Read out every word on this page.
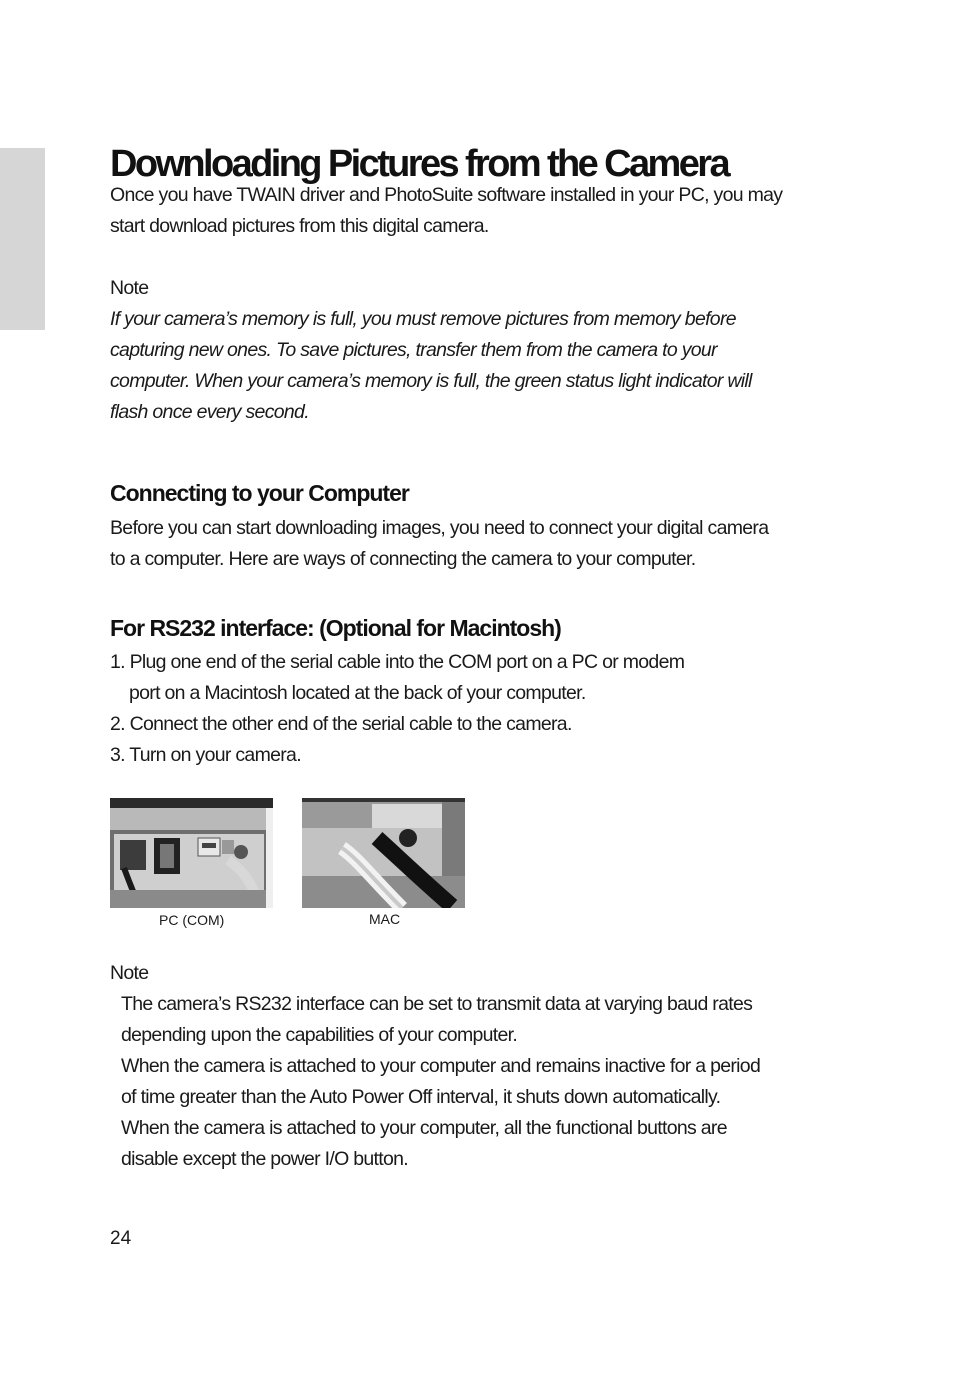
Downloading Pictures from the Camera
Once you have TWAIN driver and PhotoSuite software installed in your PC, you may
start download pictures from this digital camera.
Note
If your camera’s memory is full, you must remove pictures from memory before
capturing new ones. To save pictures, transfer them from the camera to your
computer. When your camera’s memory is full, the green status light indicator will
flash once every second.
Connecting to your Computer
Before you can start downloading images, you need to connect your digital camera
to a computer. Here are ways of connecting the camera to your computer.
For RS232 interface: (Optional for Macintosh)
1. Plug one end of the serial cable into the COM port on a PC or modem
port on a Macintosh located at the back of your computer.
2. Connect the other end of the serial cable to the camera.
3. Turn on your camera.
PC (COM)	MAC
Note
The camera’s RS232 interface can be set to transmit data at varying baud rates
depending upon the capabilities of your computer.
When the camera is attached to your computer and remains inactive for a period
of time greater than the Auto Power Off interval, it shuts down automatically.
When the camera is attached to your computer, all the functional buttons are
disable except the power I/O button.
24
